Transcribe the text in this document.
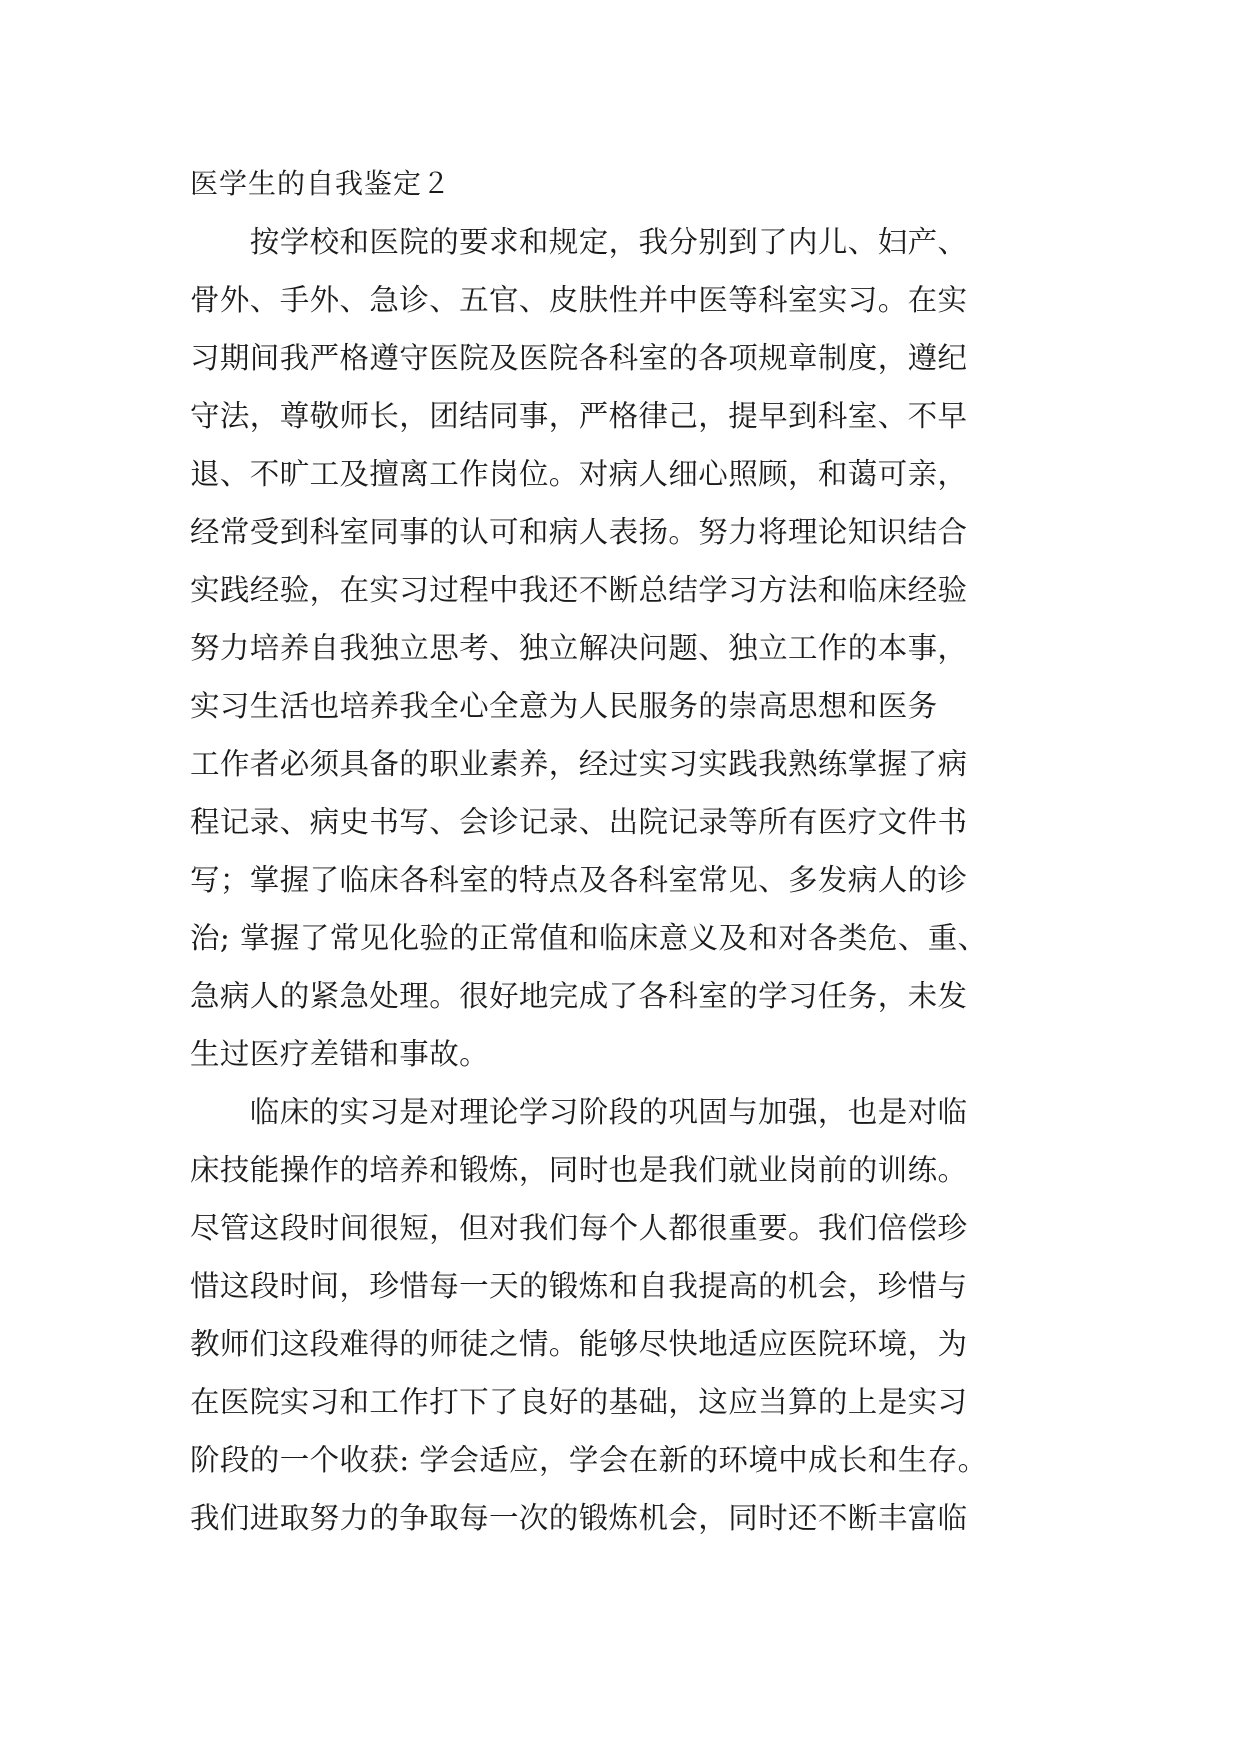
医学生的自我鉴定２
　　按学校和医院的要求和规定，我分别到了内儿、妇产、
骨外、手外、急诊、五官、皮肤性并中医等科室实习。在实
习期间我严格遵守医院及医院各科室的各项规章制度，遵纪
守法，尊敬师长，团结同事，严格律己，提早到科室、不早
退、不旷工及擅离工作岗位。对病人细心照顾，和蔼可亲，
经常受到科室同事的认可和病人表扬。努力将理论知识结合
实践经验，在实习过程中我还不断总结学习方法和临床经验
努力培养自我独立思考、独立解决问题、独立工作的本事，
实习生活也培养我全心全意为人民服务的崇高思想和医务
工作者必须具备的职业素养，经过实习实践我熟练掌握了病
程记录、病史书写、会诊记录、出院记录等所有医疗文件书
写；掌握了临床各科室的特点及各科室常见、多发病人的诊
治; 掌握了常见化验的正常值和临床意义及和对各类危、重、
急病人的紧急处理。很好地完成了各科室的学习任务，未发
生过医疗差错和事故。
　　临床的实习是对理论学习阶段的巩固与加强，也是对临
床技能操作的培养和锻炼，同时也是我们就业岗前的训练。
尽管这段时间很短，但对我们每个人都很重要。我们倍偿珍
惜这段时间，珍惜每一天的锻炼和自我提高的机会，珍惜与
教师们这段难得的师徒之情。能够尽快地适应医院环境，为
在医院实习和工作打下了良好的基础，这应当算的上是实习
阶段的一个收获: 学会适应，学会在新的环境中成长和生存。
我们进取努力的争取每一次的锻炼机会，同时还不断丰富临
